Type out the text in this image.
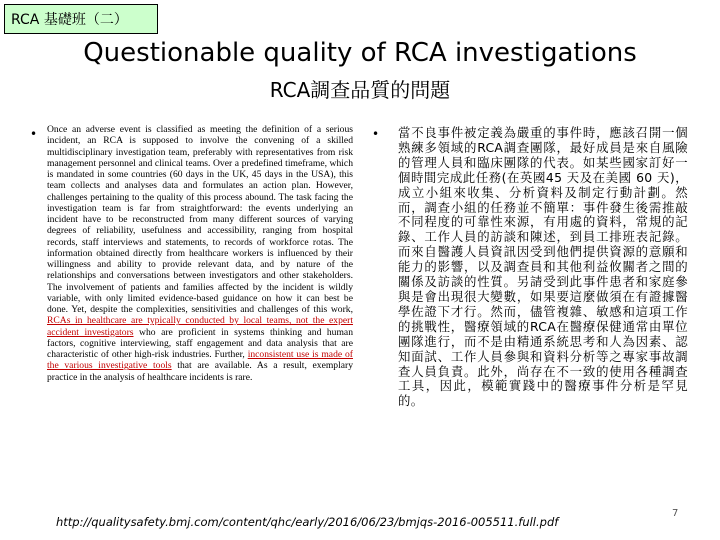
RCA 基礎班（二）
Questionable quality of RCA investigations
RCA調查品質的問題
• Once an adverse event is classified as meeting the definition of a serious incident, an RCA is supposed to involve the convening of a skilled multidisciplinary investigation team, preferably with representatives from risk management personnel and clinical teams. Over a predefined timeframe, which is mandated in some countries (60 days in the UK, 45 days in the USA), this team collects and analyses data and formulates an action plan. However, challenges pertaining to the quality of this process abound. The task facing the investigation team is far from straightforward: the events underlying an incident have to be reconstructed from many different sources of varying degrees of reliability, usefulness and accessibility, ranging from hospital records, staff interviews and statements, to records of workforce rotas. The information obtained directly from healthcare workers is influenced by their willingness and ability to provide relevant data, and by nature of the relationships and conversations between investigators and other stakeholders. The involvement of patients and families affected by the incident is wildly variable, with only limited evidence-based guidance on how it can best be done. Yet, despite the complexities, sensitivities and challenges of this work, RCAs in healthcare are typically conducted by local teams, not the expert accident investigators who are proficient in systems thinking and human factors, cognitive interviewing, staff engagement and data analysis that are characteristic of other high-risk industries. Further, inconsistent use is made of the various investigative tools that are available. As a result, exemplary practice in the analysis of healthcare incidents is rare.
• 當不良事件被定義為嚴重的事件時，應該召開一個熟練多領域的RCA調查團隊，最好成員是來自風險的管理人員和臨床團隊的代表。如某些國家訂好一個時間完成此任務(在英國45 天及在美國 60 天)，成立小組來收集、分析資料及制定行動計劃。然而，調查小組的任務並不簡單：事件發生後需推敲不同程度的可靠性來源，有用處的資料，常規的記錄、工作人員的訪談和陳述，到員工排班表記錄。而來自醫護人員資訊因受到他們提供資源的意願和能力的影響，以及調查員和其他利益攸關者之間的關係及訪談的性質。另請受到此事件患者和家庭參與是會出現很大變數，如果要這麼做須在有證據醫學佐證下才行。然而，儘管複雜、敏感和這項工作的挑戰性，醫療領域的RCA在醫療保健通常由單位團隊進行，而不是由精通系統思考和人為因素、認知面試、工作人員參與和資料分析等之專家事故調查人員負責。此外，尚存在不一致的使用各種調查工具，因此，模範實踐中的醫療事件分析是罕見的。
http://qualitysafety.bmj.com/content/qhc/early/2016/06/23/bmjqs-2016-005511.full.pdf
7
